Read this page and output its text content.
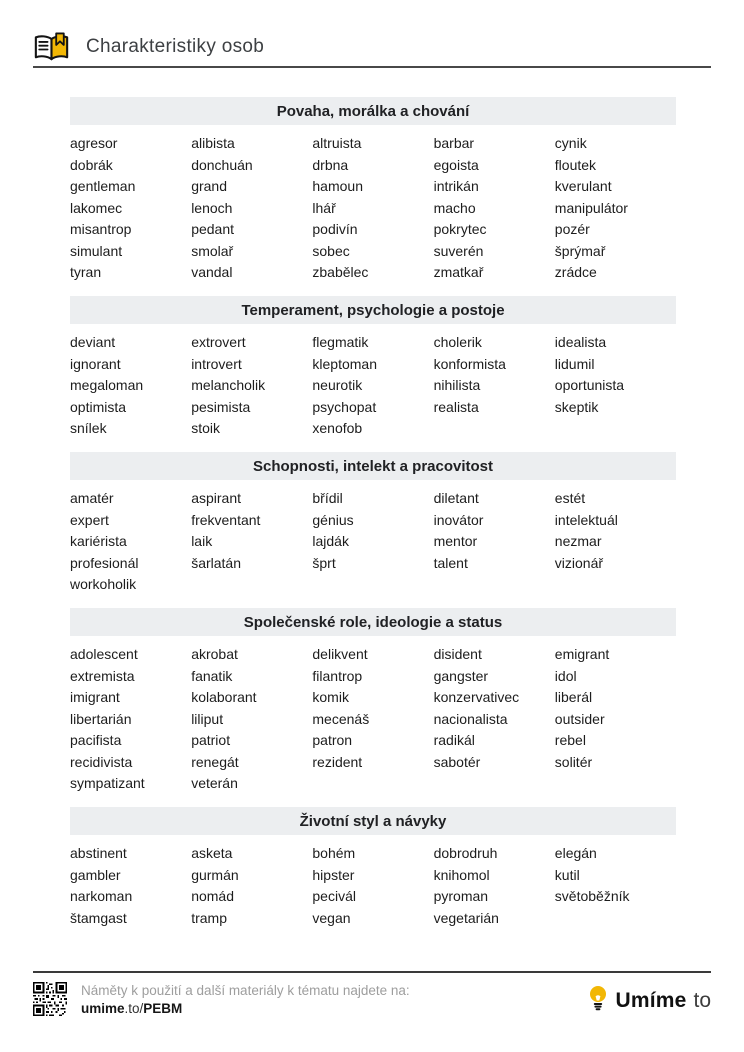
Charakteristiky osob
Povaha, morálka a chování
agresor	alibista	altruista	barbar	cynik
dobrák	donchuán	drbna	egoista	floutek
gentleman	grand	hamoun	intrikán	kverulant
lakomec	lenoch	lhář	macho	manipulátor
misantrop	pedant	podivín	pokrytec	pozér
simulant	smolař	sobec	suverén	šprýmař
tyran	vandal	zbabělec	zmatkař	zrádce
Temperament, psychologie a postoje
deviant	extrovert	flegmatik	cholerik	idealista
ignorant	introvert	kleptoman	konformista	lidumil
megaloman	melancholik	neurotik	nihilista	oportunista
optimista	pesimista	psychopat	realista	skeptik
snílek	stoik	xenofob
Schopnosti, intelekt a pracovitost
amatér	aspirant	břídil	diletant	estét
expert	frekventant	génius	inovátor	intelektuál
kariérista	laik	lajdák	mentor	nezmar
profesionál	šarlatán	šprt	talent	vizionář
workoholik
Společenské role, ideologie a status
adolescent	akrobat	delikvent	disident	emigrant
extremista	fanatik	filantrop	gangster	idol
imigrant	kolaborant	komik	konzervativec	liberál
libertarián	liliput	mecenáš	nacionalista	outsider
pacifista	patriot	patron	radikál	rebel
recidivista	renegát	rezident	sabotér	solitér
sympatizant	veterán
Životní styl a návyky
abstinent	asketa	bohém	dobrodruh	elegán
gambler	gurmán	hipster	knihomol	kutil
narkoman	nomád	pecivál	pyroman	světoběžník
štamgast	tramp	vegan	vegetarián
Náměty k použití a další materiály k tématu najdete na:
umime.to/PEBM	Umíme to
